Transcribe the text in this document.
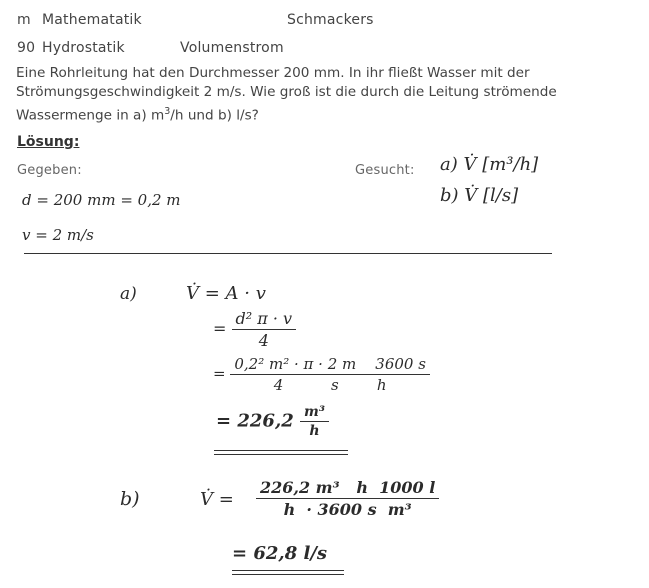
m Mathematatik	Schmackers
90 Hydrostatik	Volumenstrom

Eine Rohrleitung hat den Durchmesser 200 mm. In ihr fließt Wasser mit der

Strömungsgeschwindigkeit 2 m/s. Wie groß ist die durch die Leitung strömende

Wassermenge in a) $m^3/h$ und b) l/s?

Lösung:
Gegeben:	Gesucht: a) V̇ [m³/h]
b) V̇ [l/s]
d = 200 mm = 0,2 m
v = 2 m/s
a)	V̇ = A · v
= $\frac{\text{d² π · v}}{4}$
= $\frac{\text{0,2² m² · π · 2 m    3600 s}}{\text{4          s        h}}$
= $226,2 \frac{\text{m³}}{h}$
b)	V̇ = $\frac{\text{226,2 m³   h  1000 l}}{\text{h  · 3600 s  m³}}$
= 62,8 l/s
